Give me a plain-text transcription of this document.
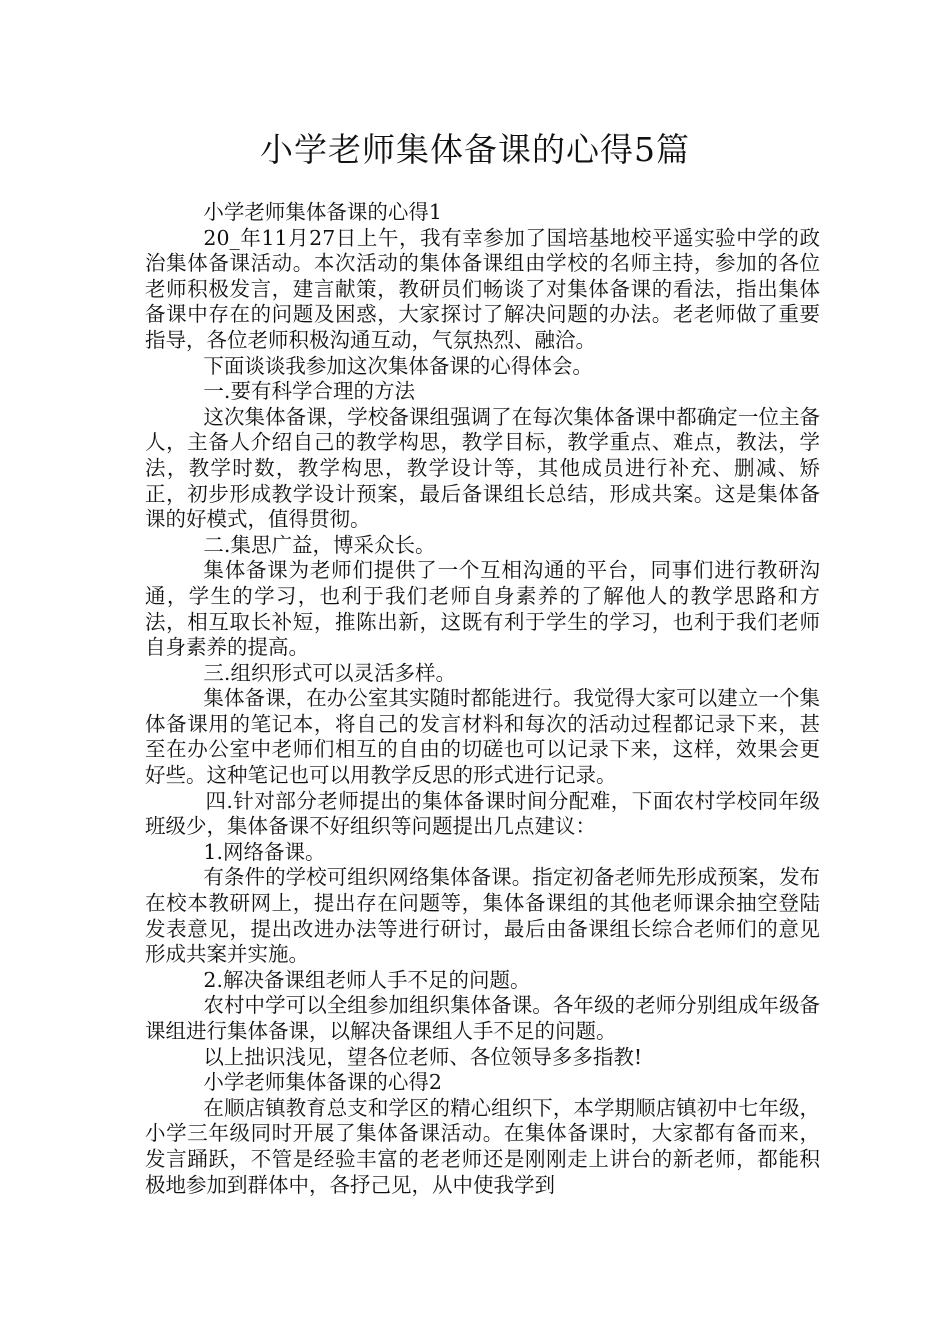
小学老师集体备课的心得5篇

小学老师集体备课的心得1

20_年11月27日上午，我有幸参加了国培基地校平遥实验中学的政治集体备课活动。本次活动的集体备课组由学校的名师主持，参加的各位老师积极发言，建言献策，教研员们畅谈了对集体备课的看法，指出集体备课中存在的问题及困惑，大家探讨了解决问题的办法。老老师做了重要指导，各位老师积极沟通互动，气氛热烈、融洽。

下面谈谈我参加这次集体备课的心得体会。

一.要有科学合理的方法

这次集体备课，学校备课组强调了在每次集体备课中都确定一位主备人，主备人介绍自己的教学构思，教学目标，教学重点、难点，教法，学法，教学时数，教学构思，教学设计等，其他成员进行补充、删减、矫正，初步形成教学设计预案，最后备课组长总结，形成共案。这是集体备课的好模式，值得贯彻。

二.集思广益，博采众长。

集体备课为老师们提供了一个互相沟通的平台，同事们进行教研沟通，学生的学习，也利于我们老师自身素养的了解他人的教学思路和方法，相互取长补短，推陈出新，这既有利于学生的学习，也利于我们老师自身素养的提高。

三.组织形式可以灵活多样。

集体备课，在办公室其实随时都能进行。我觉得大家可以建立一个集体备课用的笔记本，将自己的发言材料和每次的活动过程都记录下来，甚至在办公室中老师们相互的自由的切磋也可以记录下来，这样，效果会更好些。这种笔记也可以用教学反思的形式进行记录。

四.针对部分老师提出的集体备课时间分配难，下面农村学校同年级班级少，集体备课不好组织等问题提出几点建议：

1.网络备课。

有条件的学校可组织网络集体备课。指定初备老师先形成预案，发布在校本教研网上，提出存在问题等，集体备课组的其他老师课余抽空登陆发表意见，提出改进办法等进行研讨，最后由备课组长综合老师们的意见形成共案并实施。

2.解决备课组老师人手不足的问题。

农村中学可以全组参加组织集体备课。各年级的老师分别组成年级备课组进行集体备课，以解决备课组人手不足的问题。

以上拙识浅见，望各位老师、各位领导多多指教!

小学老师集体备课的心得2

在顺店镇教育总支和学区的精心组织下，本学期顺店镇初中七年级，小学三年级同时开展了集体备课活动。在集体备课时，大家都有备而来，发言踊跃，不管是经验丰富的老老师还是刚刚走上讲台的新老师，都能积极地参加到群体中，各抒己见，从中使我学到
